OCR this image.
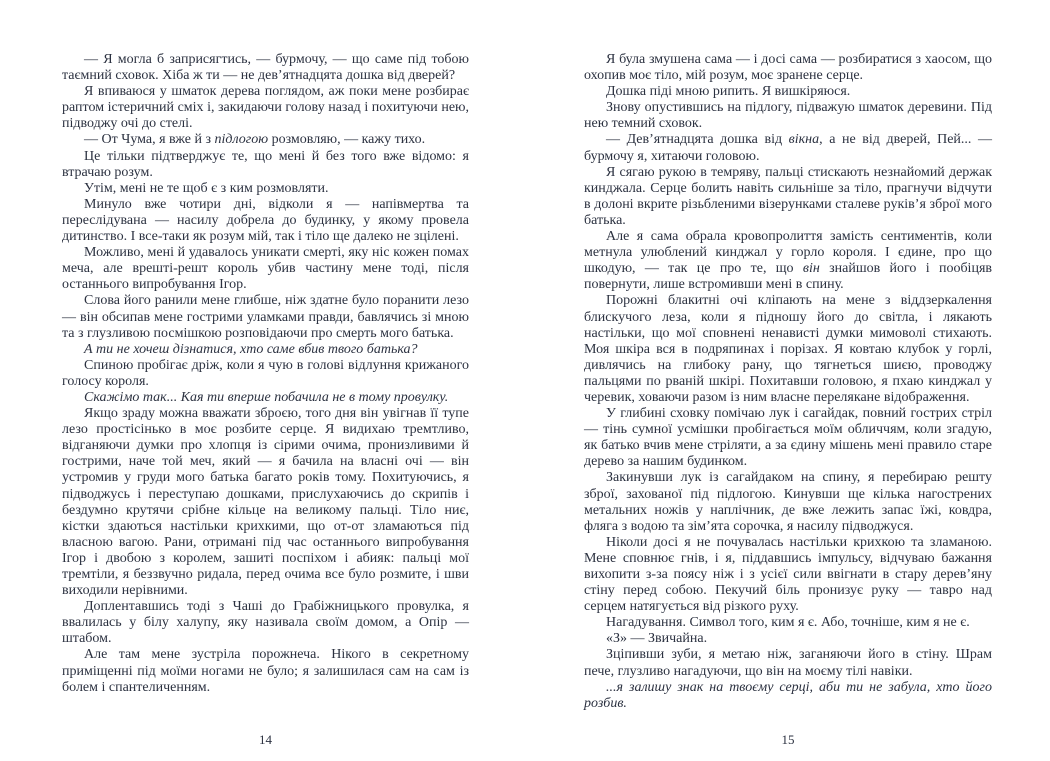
— Я могла б заприсягтись, — бурмочу, — що саме під тобою таємний сховок. Хіба ж ти — не дев’ятнадцята дошка від дверей?

Я впиваюся у шматок дерева поглядом, аж поки мене розбирає раптом істеричний сміх і, закидаючи голову назад і похитуючи нею, підводжу очі до стелі.

— От Чума, я вже й з підлогою розмовляю, — кажу тихо.

Це тільки підтверджує те, що мені й без того вже відомо: я втрачаю розум.

Утім, мені не те щоб є з ким розмовляти.

Минуло вже чотири дні, відколи я — напівмертва та переслідувана — насилу добрела до будинку, у якому провела дитинство. І все-таки як розум мій, так і тіло ще далеко не зцілені.

Можливо, мені й удавалось уникати смерті, яку ніс кожен помах меча, але врешті-решт король убив частину мене тоді, після останнього випробування Ігор.

Слова його ранили мене глибше, ніж здатне було поранити лезо — він обсипав мене гострими уламками правди, бавлячись зі мною та з глузливою посмішкою розповідаючи про смерть мого батька.

А ти не хочеш дізнатися, хто саме вбив твого батька?

Спиною пробігає дріж, коли я чую в голові відлуння крижаного голосу короля.

Скажімо так... Кая ти вперше побачила не в тому провулку.

Якщо зраду можна вважати зброєю, того дня він увігнав її тупе лезо простісінько в моє розбите серце. Я видихаю тремтливо, відганяючи думки про хлопця із сірими очима, пронизливими й гострими, наче той меч, який — я бачила на власні очі — він устромив у груди мого батька багато років тому. Похитуючись, я підводжусь і переступаю дошками, прислухаючись до скрипів і бездумно крутячи срібне кільце на великому пальці. Тіло ниє, кістки здаються настільки крихкими, що от-от зламаються під власною вагою. Рани, отримані під час останнього випробування Ігор і двобою з королем, зашиті поспіхом і абияк: пальці мої тремтіли, я беззвучно ридала, перед очима все було розмите, і шви виходили нерівними.

Доплентавшись тоді з Чаші до Грабіжницького провулка, я ввалилась у білу халупу, яку називала своїм домом, а Опір — штабом.

Але там мене зустріла порожнеча. Нікого в секретному приміщенні під моїми ногами не було; я залишилася сам на сам із болем і спантеличенням.

14

Я була змушена сама — і досі сама — розбиратися з хаосом, що охопив моє тіло, мій розум, моє зранене серце.

Дошка піді мною рипить. Я вишкіряюся.

Знову опустившись на підлогу, підважую шматок деревини. Під нею темний сховок.

— Дев’ятнадцята дошка від вікна, а не від дверей, Пей... — бурмочу я, хитаючи головою.

Я сягаю рукою в темряву, пальці стискають незнайомий держак кинджала. Серце болить навіть сильніше за тіло, прагнучи відчути в долоні вкрите різьбленими візерунками сталеве руків’я зброї мого батька.

Але я сама обрала кровопролиття замість сентиментів, коли метнула улюблений кинджал у горло короля. І єдине, про що шкодую, — так це про те, що він знайшов його і пообіцяв повернути, лише встромивши мені в спину.

Порожні блакитні очі кліпають на мене з віддзеркалення блискучого леза, коли я підношу його до світла, і лякають настільки, що мої сповнені ненависті думки мимоволі стихають. Моя шкіра вся в подряпинах і порізах. Я ковтаю клубок у горлі, дивлячись на глибоку рану, що тягнеться шиєю, проводжу пальцями по рваній шкірі. Похитавши головою, я пхаю кинджал у черевик, ховаючи разом із ним власне перелякане відображення.

У глибині сховку помічаю лук і сагайдак, повний гострих стріл — тінь сумної усмішки пробігається моїм обличчям, коли згадую, як батько вчив мене стріляти, а за єдину мішень мені правило старе дерево за нашим будинком.

Закинувши лук із сагайдаком на спину, я перебираю решту зброї, захованої під підлогою. Кинувши ще кілька нагострених метальних ножів у наплічник, де вже лежить запас їжі, ковдра, фляга з водою та зім’ята сорочка, я насилу підводжуся.

Ніколи досі я не почувалась настільки крихкою та зламаною. Мене сповнює гнів, і я, піддавшись імпульсу, відчуваю бажання вихопити з-за поясу ніж і з усієї сили ввігнати в стару дерев’яну стіну перед собою. Пекучий біль пронизує руку — тавро над серцем натягується від різкого руху.

Нагадування. Символ того, ким я є. Або, точніше, ким я не є.

«З» — Звичайна.

Зціпивши зуби, я метаю ніж, заганяючи його в стіну. Шрам пече, глузливо нагадуючи, що він на моєму тілі навіки.

...я залишу знак на твоєму серці, аби ти не забула, хто його розбив.

15
